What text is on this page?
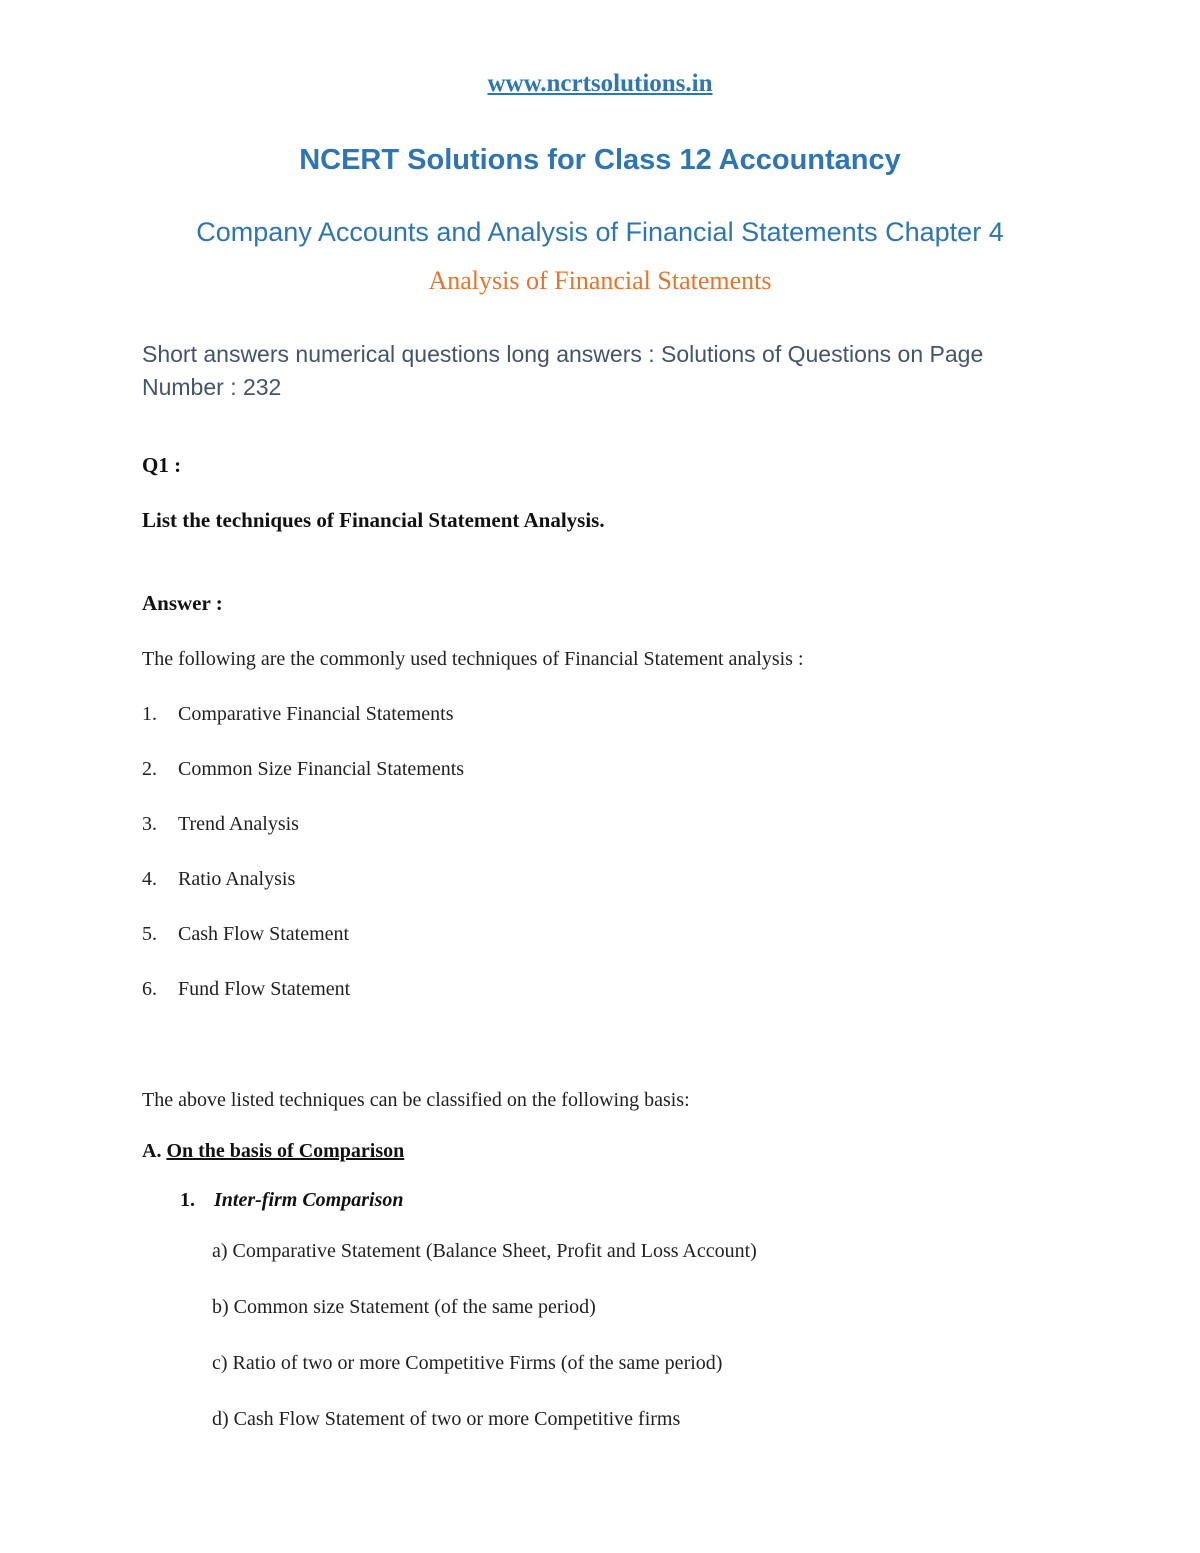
www.ncrtsolutions.in
NCERT Solutions for Class 12 Accountancy
Company Accounts and Analysis of Financial Statements Chapter 4
Analysis of Financial Statements
Short answers numerical questions long answers : Solutions of Questions on Page Number : 232
Q1 :
List the techniques of Financial Statement Analysis.
Answer :
The following are the commonly used techniques of Financial Statement analysis :
1.	Comparative Financial Statements
2.	Common Size Financial Statements
3.	Trend Analysis
4.	Ratio Analysis
5.	Cash Flow Statement
6.	Fund Flow Statement
The above listed techniques can be classified on the following basis:
A. On the basis of Comparison
1. Inter-firm Comparison
a) Comparative Statement (Balance Sheet, Profit and Loss Account)
b) Common size Statement (of the same period)
c) Ratio of two or more Competitive Firms (of the same period)
d) Cash Flow Statement of two or more Competitive firms
